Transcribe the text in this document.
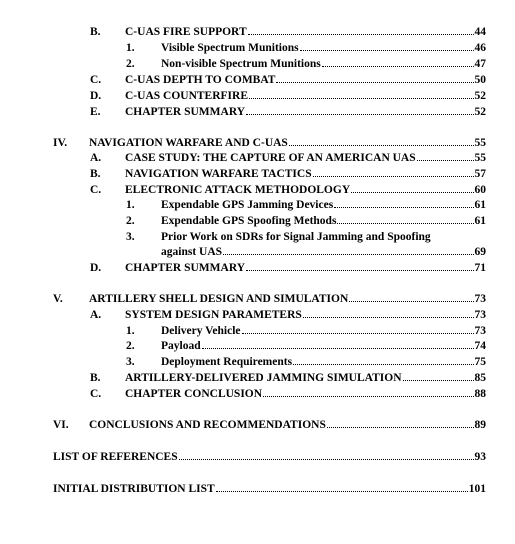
B. C-UAS FIRE SUPPORT	44
1. Visible Spectrum Munitions	46
2. Non-visible Spectrum Munitions	47
C. C-UAS DEPTH TO COMBAT	50
D. C-UAS COUNTERFIRE	52
E. CHAPTER SUMMARY	52
IV. NAVIGATION WARFARE AND C-UAS	55
A. CASE STUDY: THE CAPTURE OF AN AMERICAN UAS	55
B. NAVIGATION WARFARE TACTICS	57
C. ELECTRONIC ATTACK METHODOLOGY	60
1. Expendable GPS Jamming Devices	61
2. Expendable GPS Spoofing Methods	61
3. Prior Work on SDRs for Signal Jamming and Spoofing
against UAS	69
D. CHAPTER SUMMARY	71
V. ARTILLERY SHELL DESIGN AND SIMULATION	73
A. SYSTEM DESIGN PARAMETERS	73
1. Delivery Vehicle	73
2. Payload	74
3. Deployment Requirements	75
B. ARTILLERY-DELIVERED JAMMING SIMULATION	85
C. CHAPTER CONCLUSION	88
VI. CONCLUSIONS AND RECOMMENDATIONS	89
LIST OF REFERENCES	93
INITIAL DISTRIBUTION LIST	101
